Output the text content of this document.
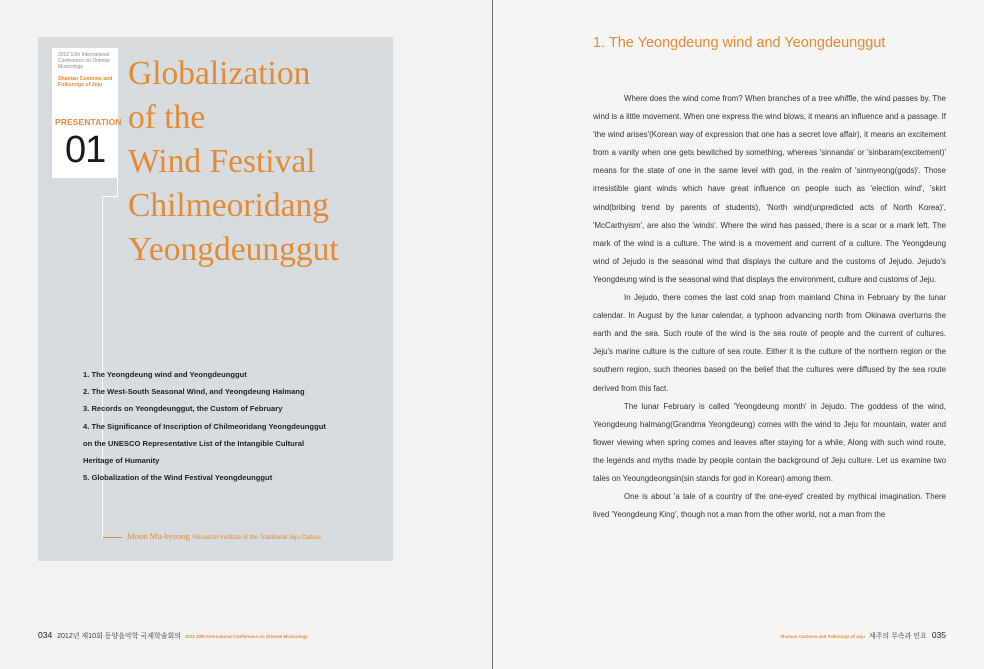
2012 10th International Conference on Oriental Musicology
Shaman Customs and Folksongs of Jeju
PRESENTATION
01
Globalization
of the
Wind Festival
Chilmeoridang
Yeongdeunggut
1. The Yeongdeung wind and Yeongdeunggut
2. The West-South Seasonal Wind, and Yeongdeung Halmang
3. Records on Yeongdeunggut, the Custom of February
4. The Significance of Inscription of Chilmeoridang Yeongdeunggut
on the UNESCO Representative List of the Intangible Cultural
Heritage of Humanity
5. Globalization of the Wind Festival Yeongdeunggut
Moon Mu-byeong Research Institute of the Traditional Jeju Culture
034 2012년 제10회 동양음악학 국제학술회의 2012 10th International Conference on Oriental Musicology
1. The Yeongdeung wind and Yeongdeunggut

Where does the wind come from? When branches of a tree whiffle, the wind passes by. The wind is a little movement. When one express the wind blows, it means an influence and a passage. If 'the wind arises'(Korean way of expression that one has a secret love affair), it means an excitement from a vanity when one gets bewitched by something, whereas 'sinnanda' or 'sinbaram(excitement)' means for the state of one in the same level with god, in the realm of 'sinmyeong(gods)'. Those irresistible giant winds which have great influence on people such as 'election wind', 'skirt wind(bribing trend by parents of students), 'North wind(unpredicted acts of North Korea)', 'McCarthyism', are also the 'winds'. Where the wind has passed, there is a scar or a mark left. The mark of the wind is a culture. The wind is a movement and current of a culture. The Yeongdeung wind of Jejudo is the seasonal wind that displays the culture and the customs of Jejudo. Jejudo's Yeongdeung wind is the seasonal wind that displays the environment, culture and customs of Jeju.

In Jejudo, there comes the last cold snap from mainland China in February by the lunar calendar. In August by the lunar calendar, a typhoon advancing north from Okinawa overturns the earth and the sea. Such route of the wind is the sea route of people and the current of cultures. Jeju's marine culture is the culture of sea route. Either it is the culture of the northern region or the southern region, such theories based on the belief that the cultures were diffused by the sea route derived from this fact.

The lunar February is called 'Yeongdeung month' in Jejudo. The goddess of the wind, Yeongdeung halmang(Grandma Yeongdeung) comes with the wind to Jeju for mountain, water and flower viewing when spring comes and leaves after staying for a while, Along with such wind route, the legends and myths made by people contain the background of Jeju culture. Let us examine two tales on Yeoungdeongsin(sin stands for god in Korean) among them.

One is about 'a tale of a country of the one-eyed' created by mythical imagination. There lived 'Yeongdeung King', though not a man from the other world, not a man from the

Shaman Customs and Folksongs of Jeju 제주의 무속과 민요 035
